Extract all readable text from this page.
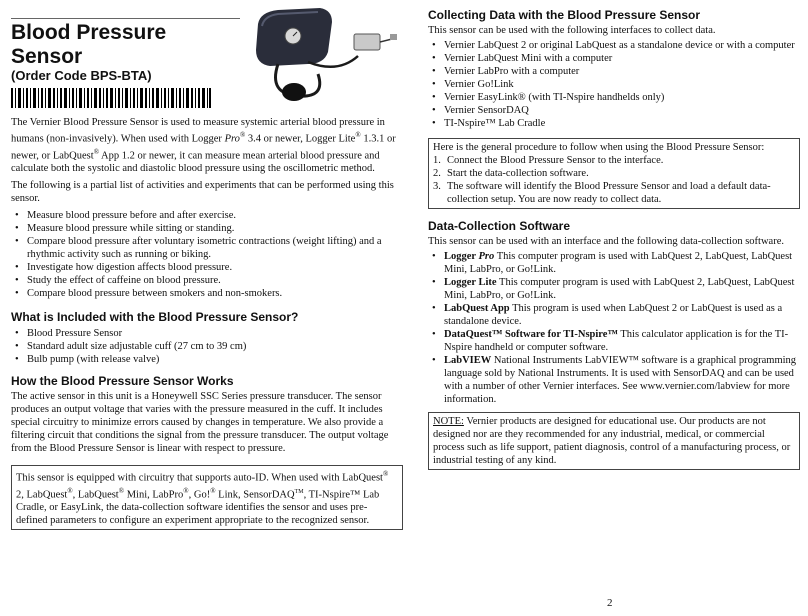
Blood Pressure
Sensor
(Order Code BPS-BTA)

The Vernier Blood Pressure Sensor is used to measure systemic arterial blood pressure in humans (non-invasively). When used with Logger Pro® 3.4 or newer, Logger Lite® 1.3.1 or newer, or LabQuest® App 1.2 or newer, it can measure mean arterial blood pressure and calculate both the systolic and diastolic blood pressure using the oscillometric method.

The following is a partial list of activities and experiments that can be performed using this sensor.

• Measure blood pressure before and after exercise.
• Measure blood pressure while sitting or standing.
• Compare blood pressure after voluntary isometric contractions (weight lifting) and a rhythmic activity such as running or biking.
• Investigate how digestion affects blood pressure.
• Study the effect of caffeine on blood pressure.
• Compare blood pressure between smokers and non-smokers.
What is Included with the Blood Pressure Sensor?
• Blood Pressure Sensor
• Standard adult size adjustable cuff (27 cm to 39 cm)
• Bulb pump (with release valve)
How the Blood Pressure Sensor Works

The active sensor in this unit is a Honeywell SSC Series pressure transducer. The sensor produces an output voltage that varies with the pressure measured in the cuff. It includes special circuitry to minimize errors caused by changes in temperature. We also provide a filtering circuit that conditions the signal from the pressure transducer. The output voltage from the Blood Pressure Sensor is linear with respect to pressure.

This sensor is equipped with circuitry that supports auto-ID. When used with LabQuest® 2, LabQuest®, LabQuest® Mini, LabPro®, Go!® Link, SensorDAQ™, TI-Nspire™ Lab Cradle, or EasyLink, the data-collection software identifies the sensor and uses pre-defined parameters to configure an experiment appropriate to the recognized sensor.
Collecting Data with the Blood Pressure Sensor

This sensor can be used with the following interfaces to collect data.

• Vernier LabQuest 2 or original LabQuest as a standalone device or with a computer
• Vernier LabQuest Mini with a computer
• Vernier LabPro with a computer
• Vernier Go!Link
• Vernier EasyLink® (with TI-Nspire handhelds only)
• Vernier SensorDAQ
• TI-Nspire™ Lab Cradle

Here is the general procedure to follow when using the Blood Pressure Sensor:

1. Connect the Blood Pressure Sensor to the interface.
2. Start the data-collection software.
3. The software will identify the Blood Pressure Sensor and load a default data-collection setup. You are now ready to collect data.
Data-Collection Software

This sensor can be used with an interface and the following data-collection software.

• Logger Pro This computer program is used with LabQuest 2, LabQuest, LabQuest Mini, LabPro, or Go!Link.
• Logger Lite This computer program is used with LabQuest 2, LabQuest, LabQuest Mini, LabPro, or Go!Link.
• LabQuest App This program is used when LabQuest 2 or LabQuest is used as a standalone device.
• DataQuest™ Software for TI-Nspire™ This calculator application is for the TI-Nspire handheld or computer software.
• LabVIEW National Instruments LabVIEW™ software is a graphical programming language sold by National Instruments. It is used with SensorDAQ and can be used with a number of other Vernier interfaces. See www.vernier.com/labview for more information.
NOTE: Vernier products are designed for educational use. Our products are not designed nor are they recommended for any industrial, medical, or commercial process such as life support, patient diagnosis, control of a manufacturing process, or industrial testing of any kind.
2
